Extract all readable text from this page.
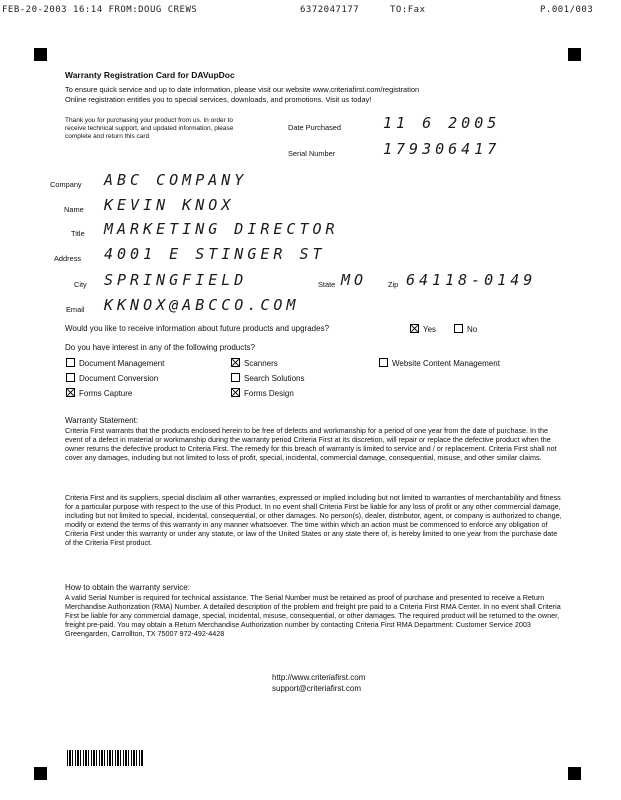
FEB-20-2003 16:14 FROM:DOUG CREWS	6372047177	TO:Fax	P.001/003
Warranty Registration Card for DAVupDoc
To ensure quick service and up to date information, please visit our website www.criteriafirst.com/registration
Online registration entitles you to special services, downloads, and promotions. Visit us today!
Thank you for purchasing your product from us. In order to
receive technical support, and updated information, please
complete and return this card
Date Purchased	11 6 2005
Serial Number	179306417
Company ABC COMPANY
Name KEVIN KNOX
Title MARKETING DIRECTOR
Address 4001 E STINGER ST
City SPRINGFIELD	State MO	Zip 64118-0149
Email KKNOX@ABCCO.COM
Would you like to receive information about future products and upgrades?	Yes	No
Do you have interest in any of the following products?
Document Management
Document Conversion
Forms Capture
Scanners
Search Solutions
Forms Design
Website Content Management
Warranty Statement:
Criteria First warrants that the products enclosed herein to be free of defects and workmanship for a period of one year from the date of purchase. In the event of a defect in material or workmanship during the warranty period Criteria First at its discretion, will repair or replace the defective product when the owner returns the defective product to Criteria First. The remedy for this breach of warranty is limited to service and / or replacement. Criteria First shall not cover any damages, including but not limited to loss of profit, special, incidental, commercial damage, consequential, misuse, and other similar claims.
Criteria First and its suppliers, special disclaim all other warranties, expressed or implied including but not limited to warranties of merchantability and fitness for a particular purpose with respect to the use of this Product. In no event shall Criteria First be liable for any loss of profit or any other commercial damage, including but not limited to special, incidental, consequential, or other damages. No person(s), dealer, distributor, agent, or company is authorized to change, modify or extend the terms of this warranty in any manner whatsoever. The time within which an action must be commenced to enforce any obligation of Criteria First under this warranty or under any statute, or law of the United States or any state there of, is hereby limited to one year from the purchase date of the Criteria First product.
How to obtain the warranty service:
A valid Serial Number is required for technical assistance. The Serial Number must be retained as proof of purchase and presented to receive a Return Merchandise Authorization (RMA) Number. A detailed description of the problem and freight pre paid to a Criteria First RMA Center. In no event shall Criteria First be liable for any commercial damage, special, incidental, misuse, consequential, or other damages. The required product will be returned to the owner, freight pre-paid. You may obtain a Return Merchandise Authorization number by contacting Criteria First RMA Department: Customer Service 2003 Greengarden, Carrollton, TX 75007 972-492-4428
http://www.criteriafirst.com
support@criteriafirst.com
